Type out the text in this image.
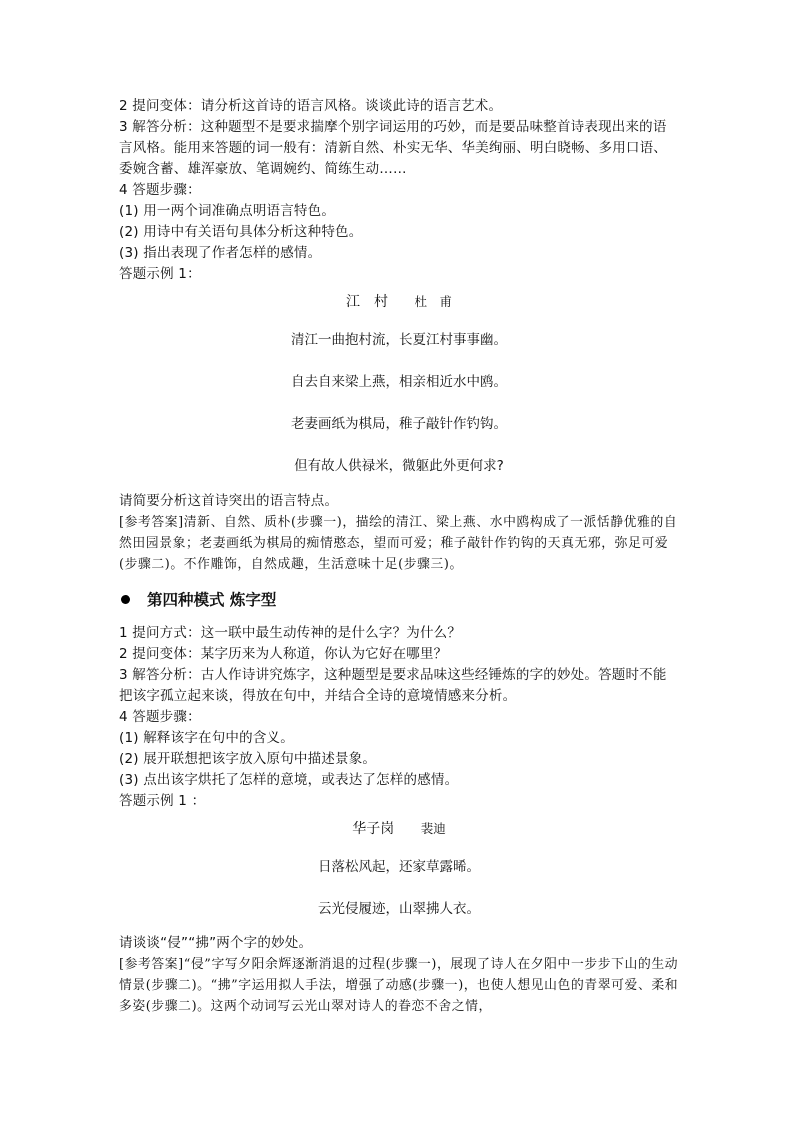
2 提问变体：请分析这首诗的语言风格。谈谈此诗的语言艺术。

3 解答分析：这种题型不是要求揣摩个别字词运用的巧妙，而是要品味整首诗表现出来的语言风格。能用来答题的词一般有：清新自然、朴实无华、华美绚丽、明白晓畅、多用口语、委婉含蓄、雄浑豪放、笔调婉约、简练生动……

4 答题步骤：

(1) 用一两个词准确点明语言特色。

(2) 用诗中有关语句具体分析这种特色。

(3) 指出表现了作者怎样的感情。

答题示例 1：

江　村 杜　甫

清江一曲抱村流，长夏江村事事幽。

自去自来梁上燕，相亲相近水中鸥。

老妻画纸为棋局，稚子敲针作钓钩。

但有故人供禄米，微躯此外更何求?

请简要分析这首诗突出的语言特点。

[参考答案]清新、自然、质朴(步骤一)，描绘的清江、梁上燕、水中鸥构成了一派恬静优雅的自然田园景象；老妻画纸为棋局的痴情憨态，望而可爱；稚子敲针作钓钩的天真无邪，弥足可爱(步骤二)。不作雕饰，自然成趣，生活意味十足(步骤三)。

第四种模式 炼字型

1 提问方式：这一联中最生动传神的是什么字？为什么？

2 提问变体：某字历来为人称道，你认为它好在哪里？

3 解答分析：古人作诗讲究炼字，这种题型是要求品味这些经锤炼的字的妙处。答题时不能把该字孤立起来谈，得放在句中，并结合全诗的意境情感来分析。

4 答题步骤：

(1) 解释该字在句中的含义。

(2) 展开联想把该字放入原句中描述景象。

(3) 点出该字烘托了怎样的意境，或表达了怎样的感情。

答题示例 1 ：

华子岗 裴迪

日落松风起，还家草露晞。

云光侵履迹，山翠拂人衣。

请谈谈“侵”“拂”两个字的妙处。

[参考答案]“侵”字写夕阳余辉逐渐消退的过程(步骤一)，展现了诗人在夕阳中一步步下山的生动情景(步骤二)。“拂”字运用拟人手法，增强了动感(步骤一)，也使人想见山色的青翠可爱、柔和多姿(步骤二)。这两个动词写云光山翠对诗人的眷恋不舍之情，
